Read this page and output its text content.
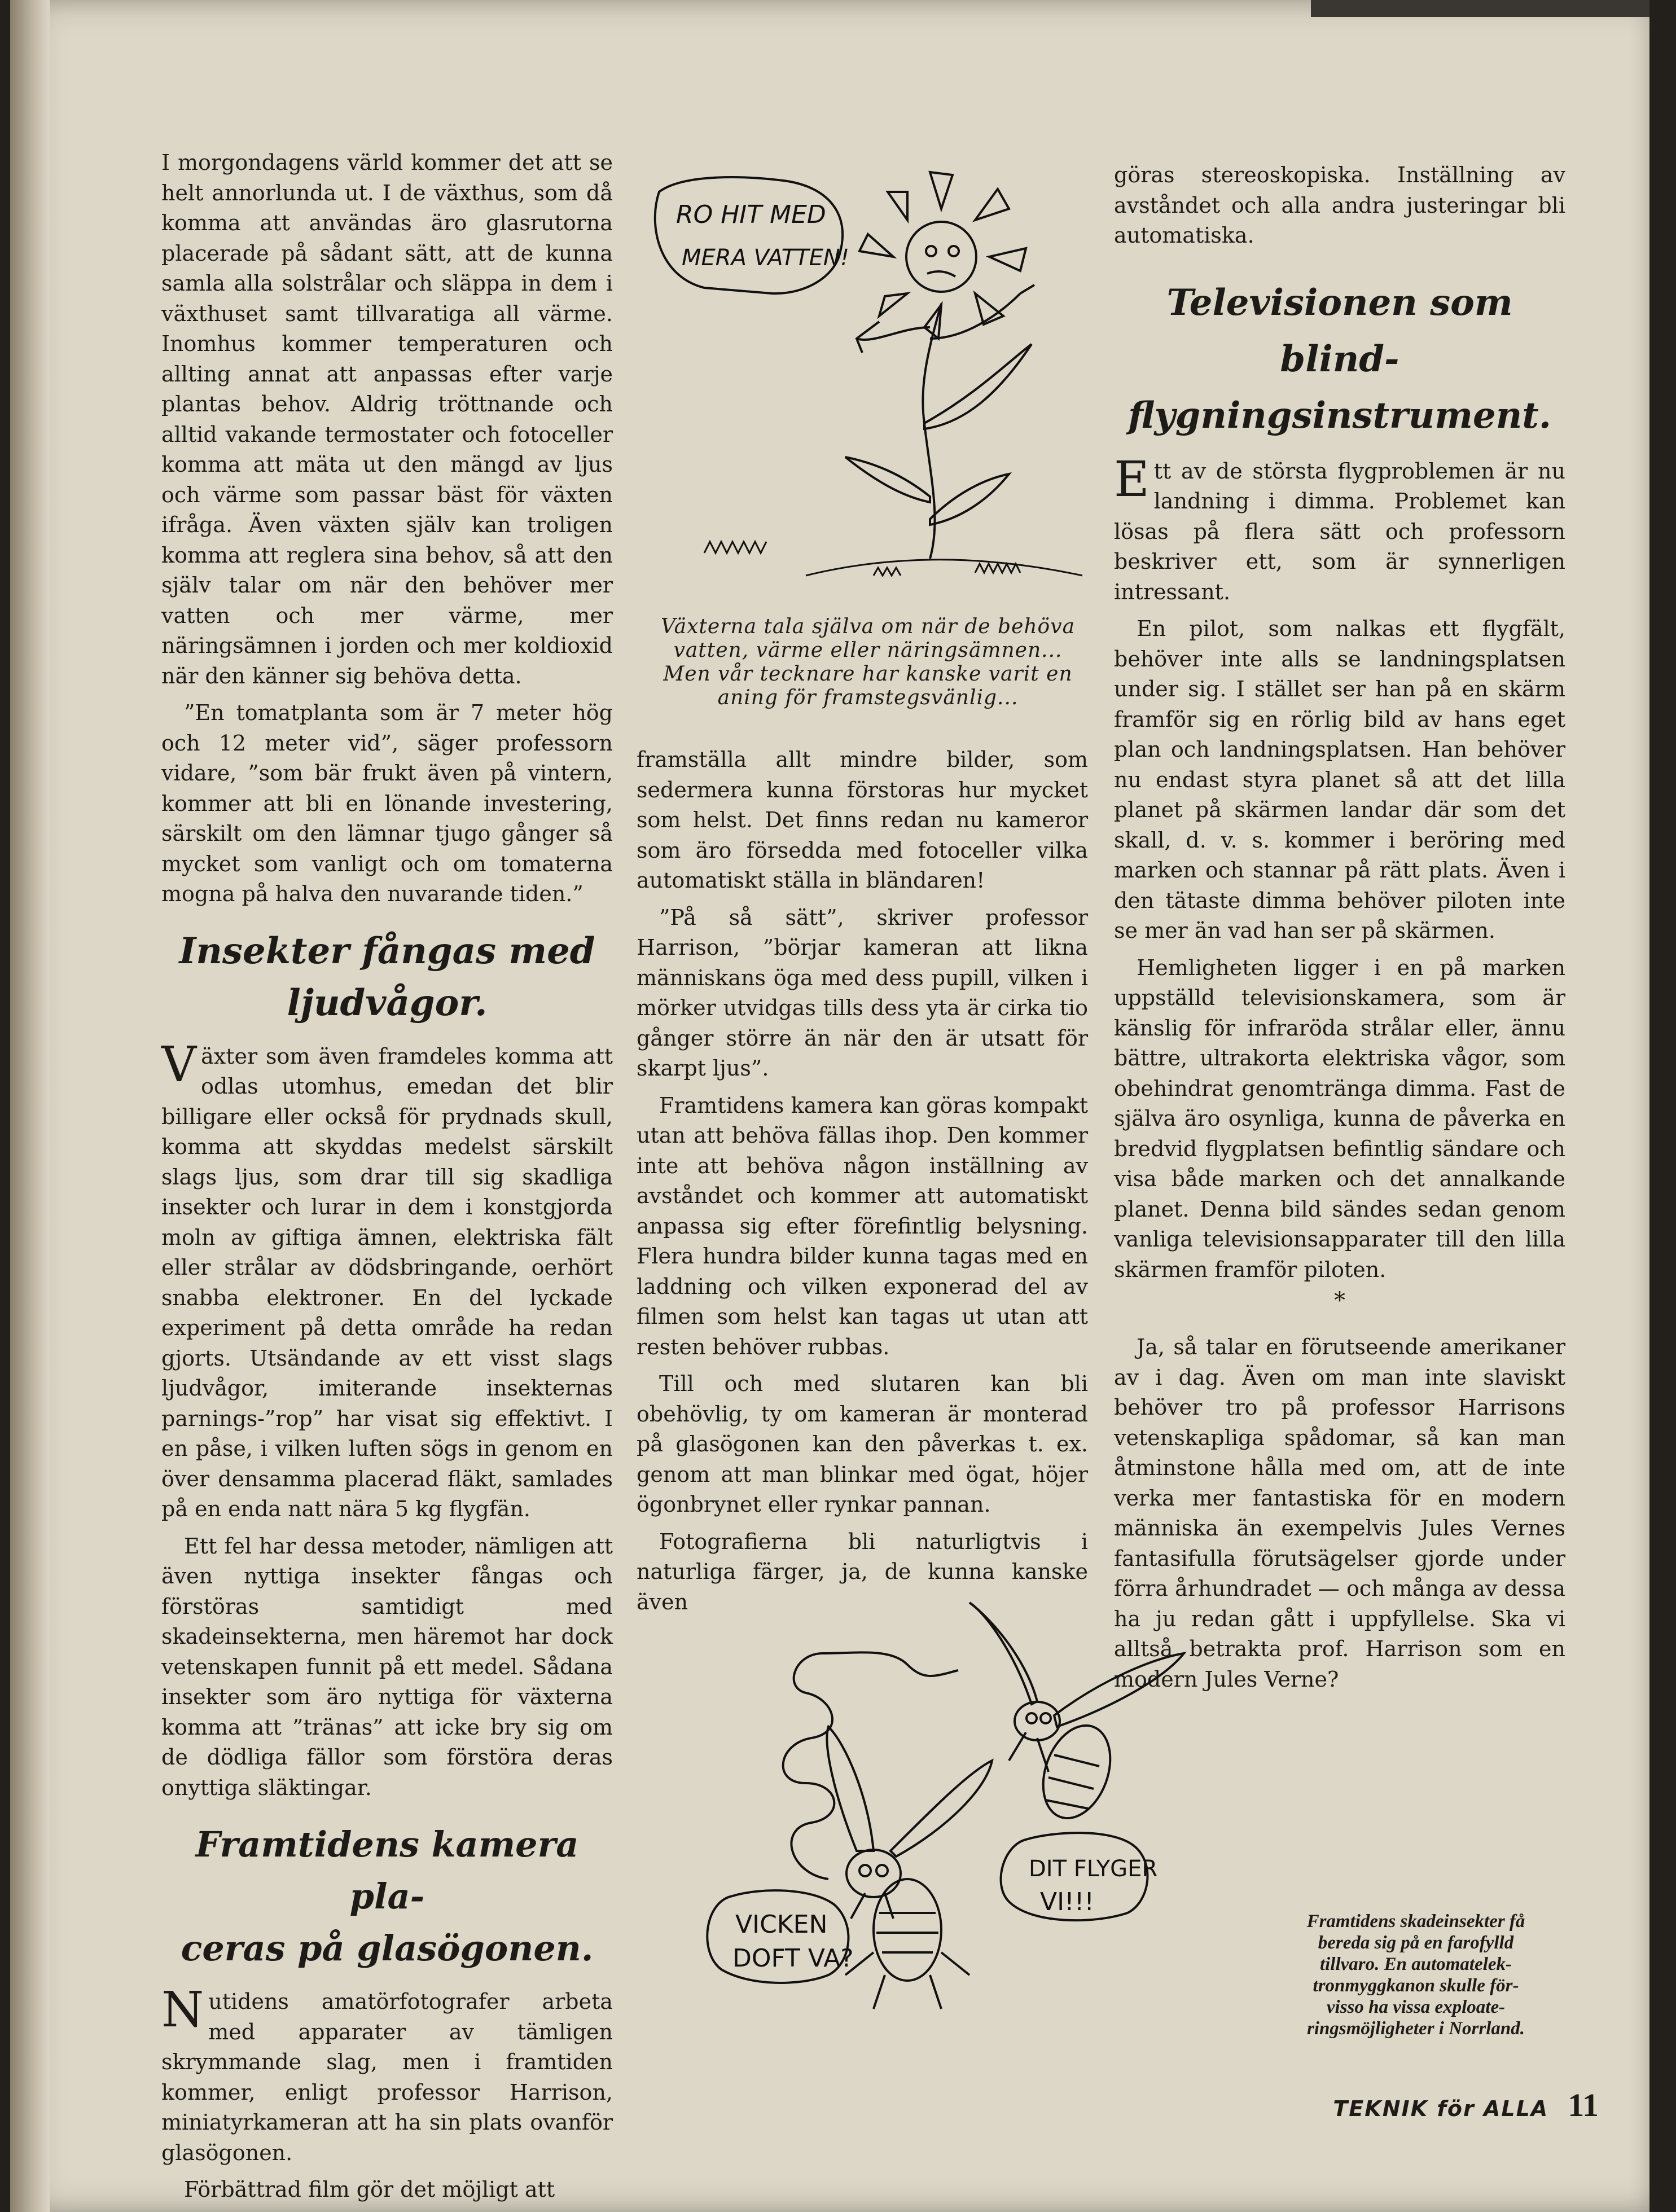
I morgondagens värld kommer det att se helt annorlunda ut. I de växthus, som då komma att användas äro glasrutorna placerade på sådant sätt, att de kunna samla alla solstrålar och släppa in dem i växthuset samt tillvaratiga all värme. Inomhus kommer temperaturen och allting annat att anpassas efter varje plantas behov. Aldrig tröttnande och alltid vakande termostater och fotoceller komma att mäta ut den mängd av ljus och värme som passar bäst för växten ifråga. Även växten själv kan troligen komma att reglera sina behov, så att den själv talar om när den behöver mer vatten och mer värme, mer näringsämnen i jorden och mer koldioxid när den känner sig behöva detta.

”En tomatplanta som är 7 meter hög och 12 meter vid”, säger professorn vidare, ”som bär frukt även på vintern, kommer att bli en lönande investering, särskilt om den lämnar tjugo gånger så mycket som vanligt och om tomaterna mogna på halva den nuvarande tiden.”

Insekter fångas med
ljudvågor.

Växter som även framdeles komma att odlas utomhus, emedan det blir billigare eller också för prydnads skull, komma att skyddas medelst särskilt slags ljus, som drar till sig skadliga insekter och lurar in dem i konstgjorda moln av giftiga ämnen, elektriska fält eller strålar av dödsbringande, oerhört snabba elektroner. En del lyckade experiment på detta område ha redan gjorts. Utsändande av ett visst slags ljudvågor, imiterande insekternas parnings-”rop” har visat sig effektivt. I en påse, i vilken luften sögs in genom en över densamma placerad fläkt, samlades på en enda natt nära 5 kg flygfän.

Ett fel har dessa metoder, nämligen att även nyttiga insekter fångas och förstöras samtidigt med skadeinsekterna, men häremot har dock vetenskapen funnit på ett medel. Sådana insekter som äro nyttiga för växterna komma att ”tränas” att icke bry sig om de dödliga fällor som förstöra deras onyttiga släktingar.

Framtidens kamera pla-
ceras på glasögonen.

Nutidens amatörfotografer arbeta med apparater av tämligen skrymmande slag, men i framtiden kommer, enligt professor Harrison, miniatyrkameran att ha sin plats ovanför glasögonen.

Förbättrad film gör det möjligt att

RO HIT MED
MERA VATTEN!
Växterna tala själva om när de behöva
vatten, värme eller näringsämnen...
Men vår tecknare har kanske varit en
aning för framstegsvänlig...

framställa allt mindre bilder, som sedermera kunna förstoras hur mycket som helst. Det finns redan nu kameror som äro försedda med fotoceller vilka automatiskt ställa in bländaren!

”På så sätt”, skriver professor Harrison, ”börjar kameran att likna människans öga med dess pupill, vilken i mörker utvidgas tills dess yta är cirka tio gånger större än när den är utsatt för skarpt ljus”.

Framtidens kamera kan göras kompakt utan att behöva fällas ihop. Den kommer inte att behöva någon inställning av avståndet och kommer att automatiskt anpassa sig efter förefintlig belysning. Flera hundra bilder kunna tagas med en laddning och vilken exponerad del av filmen som helst kan tagas ut utan att resten behöver rubbas.

Till och med slutaren kan bli obehövlig, ty om kameran är monterad på glasögonen kan den påverkas t. ex. genom att man blinkar med ögat, höjer ögonbrynet eller rynkar pannan.

Fotografierna bli naturligtvis i naturliga färger, ja, de kunna kanske även

göras stereoskopiska. Inställning av avståndet och alla andra justeringar bli automatiska.

Televisionen som blind-
flygningsinstrument.

Ett av de största flygproblemen är nu landning i dimma. Problemet kan lösas på flera sätt och professorn beskriver ett, som är synnerligen intressant.

En pilot, som nalkas ett flygfält, behöver inte alls se landningsplatsen under sig. I stället ser han på en skärm framför sig en rörlig bild av hans eget plan och landningsplatsen. Han behöver nu endast styra planet så att det lilla planet på skärmen landar där som det skall, d. v. s. kommer i beröring med marken och stannar på rätt plats. Även i den tätaste dimma behöver piloten inte se mer än vad han ser på skärmen.

Hemligheten ligger i en på marken uppställd televisionskamera, som är känslig för infraröda strålar eller, ännu bättre, ultrakorta elektriska vågor, som obehindrat genomtränga dimma. Fast de själva äro osynliga, kunna de påverka en bredvid flygplatsen befintlig sändare och visa både marken och det annalkande planet. Denna bild sändes sedan genom vanliga televisionsapparater till den lilla skärmen framför piloten.

*

Ja, så talar en förutseende amerikaner av i dag. Även om man inte slaviskt behöver tro på professor Harrisons vetenskapliga spådomar, så kan man åtminstone hålla med om, att de inte verka mer fantastiska för en modern människa än exempelvis Jules Vernes fantasifulla förutsägelser gjorde under förra århundradet — och många av dessa ha ju redan gått i uppfyllelse. Ska vi alltså betrakta prof. Harrison som en modern Jules Verne?

VICKEN
DOFT VA?
DIT FLYGER
VI!!!
Framtidens skadeinsekter få
bereda sig på en farofylld
tillvaro. En automatelek-
tronmyggkanon skulle för-
visso ha vissa exploate-
ringsmöjligheter i Norrland.
TEKNIK för ALLA 11
